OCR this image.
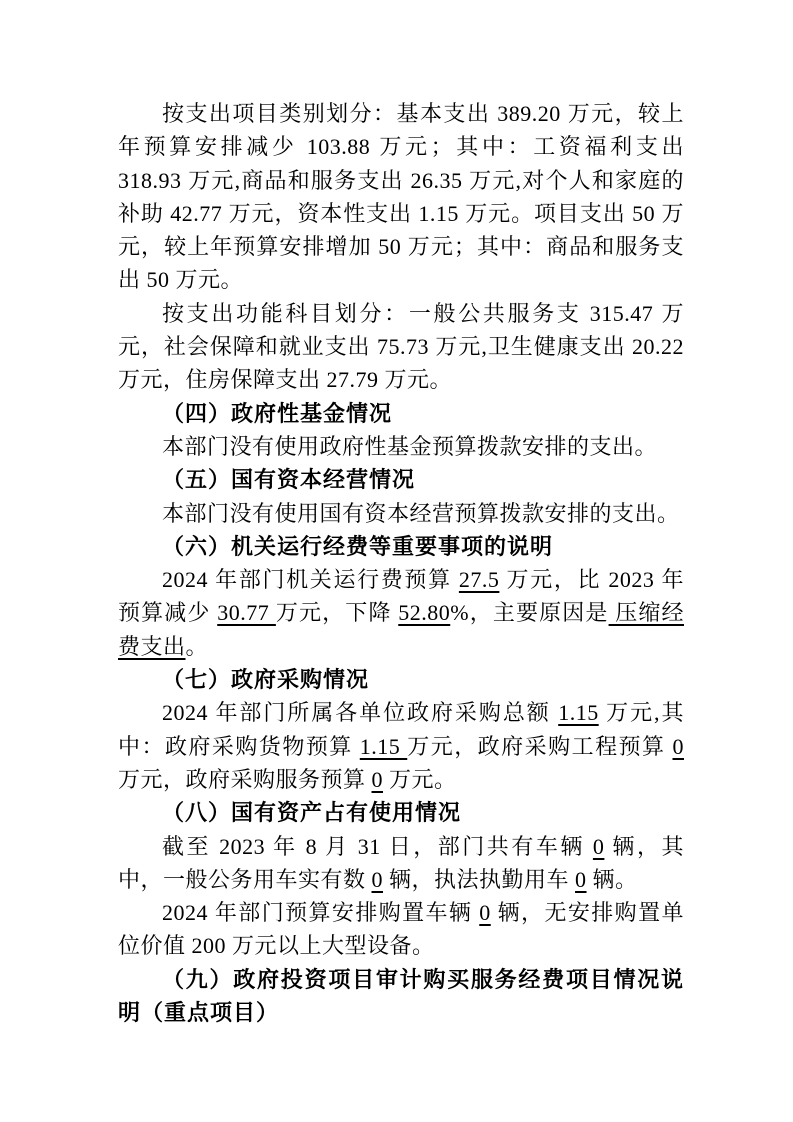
按支出项目类别划分：基本支出 389.20 万元，较上年预算安排减少 103.88 万元；其中：工资福利支出 318.93 万元,商品和服务支出 26.35 万元,对个人和家庭的补助 42.77 万元，资本性支出 1.15 万元。项目支出 50 万元，较上年预算安排增加 50 万元；其中：商品和服务支出 50 万元。

按支出功能科目划分：一般公共服务支 315.47 万元，社会保障和就业支出 75.73 万元,卫生健康支出 20.22 万元，住房保障支出 27.79 万元。

（四）政府性基金情况

本部门没有使用政府性基金预算拨款安排的支出。

（五）国有资本经营情况

本部门没有使用国有资本经营预算拨款安排的支出。

（六）机关运行经费等重要事项的说明

2024 年部门机关运行费预算 27.5 万元，比 2023 年预算减少 30.77 万元，下降 52.80%，主要原因是 压缩经费支出。

（七）政府采购情况

2024 年部门所属各单位政府采购总额 1.15 万元,其中：政府采购货物预算 1.15 万元，政府采购工程预算 0 万元，政府采购服务预算 0 万元。

（八）国有资产占有使用情况

截至 2023 年 8 月 31 日，部门共有车辆 0 辆，其中，一般公务用车实有数 0 辆，执法执勤用车 0 辆。

2024 年部门预算安排购置车辆 0 辆，无安排购置单位价值 200 万元以上大型设备。

（九）政府投资项目审计购买服务经费项目情况说明（重点项目）
